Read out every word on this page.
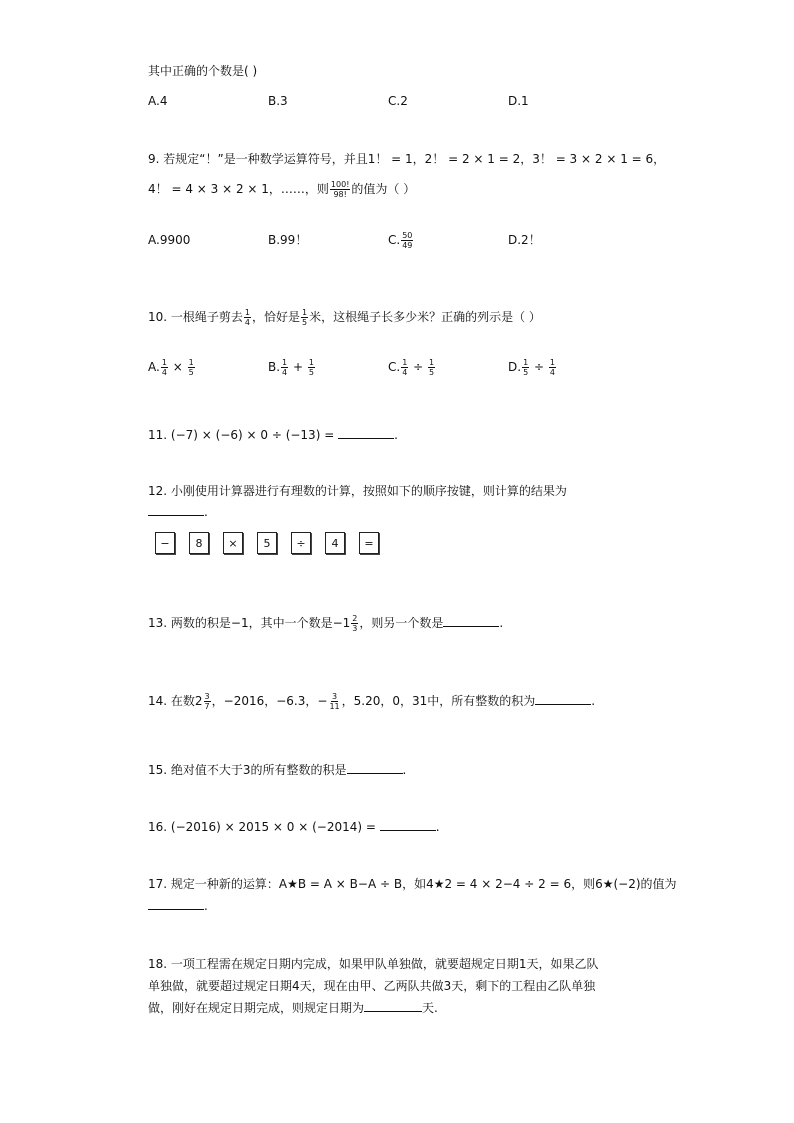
其中正确的个数是( )
A.4	B.3	C.2	D.1
9. 若规定“！”是一种数学运算符号，并且1！ = 1，2！ = 2 × 1 = 2，3！ = 3 × 2 × 1 = 6，
4！ = 4 × 3 × 2 × 1，……，则 $\frac{100!}{98!}$ 的值为（ ）
A.9900	B.99！	C. $\frac{50}{49}$	D.2！
10. 一根绳子剪去 $\frac{1}{4}$ ，恰好是 $\frac{1}{5}$ 米，这根绳子长多少米？正确的列示是（ ）
A. $\frac{1}{4} \times \frac{1}{5}$	B. $\frac{1}{4} + \frac{1}{5}$	C. $\frac{1}{4} \div \frac{1}{5}$	D. $\frac{1}{5} \div \frac{1}{4}$
11. (−7) × (−6) × 0 ÷ (−13) =	.
12. 小刚使用计算器进行有理数的计算，按照如下的顺序按键，则计算的结果为
.
−	8	×	5	÷	4	=
13. 两数的积是−1，其中一个数是$-1 \frac{2}{3}$ ，则另一个数是	.
14. 在数$2 \frac{3}{7}$ ，−2016，−6.3，− $\frac{3}{11}$ ，5.20，0，31中，所有整数的积为	.
15. 绝对值不大于3的所有整数的积是	.
16. (−2016) × 2015 × 0 × (−2014) =	.
17. 规定一种新的运算：A★B = A × B−A ÷ B，如4★2 = 4 × 2−4 ÷ 2 = 6，则6★(−2)的值为
.
18. 一项工程需在规定日期内完成，如果甲队单独做，就要超规定日期1天，如果乙队
单独做，就要超过规定日期4天，现在由甲、乙两队共做3天，剩下的工程由乙队单独
做，刚好在规定日期完成，则规定日期为	天.
